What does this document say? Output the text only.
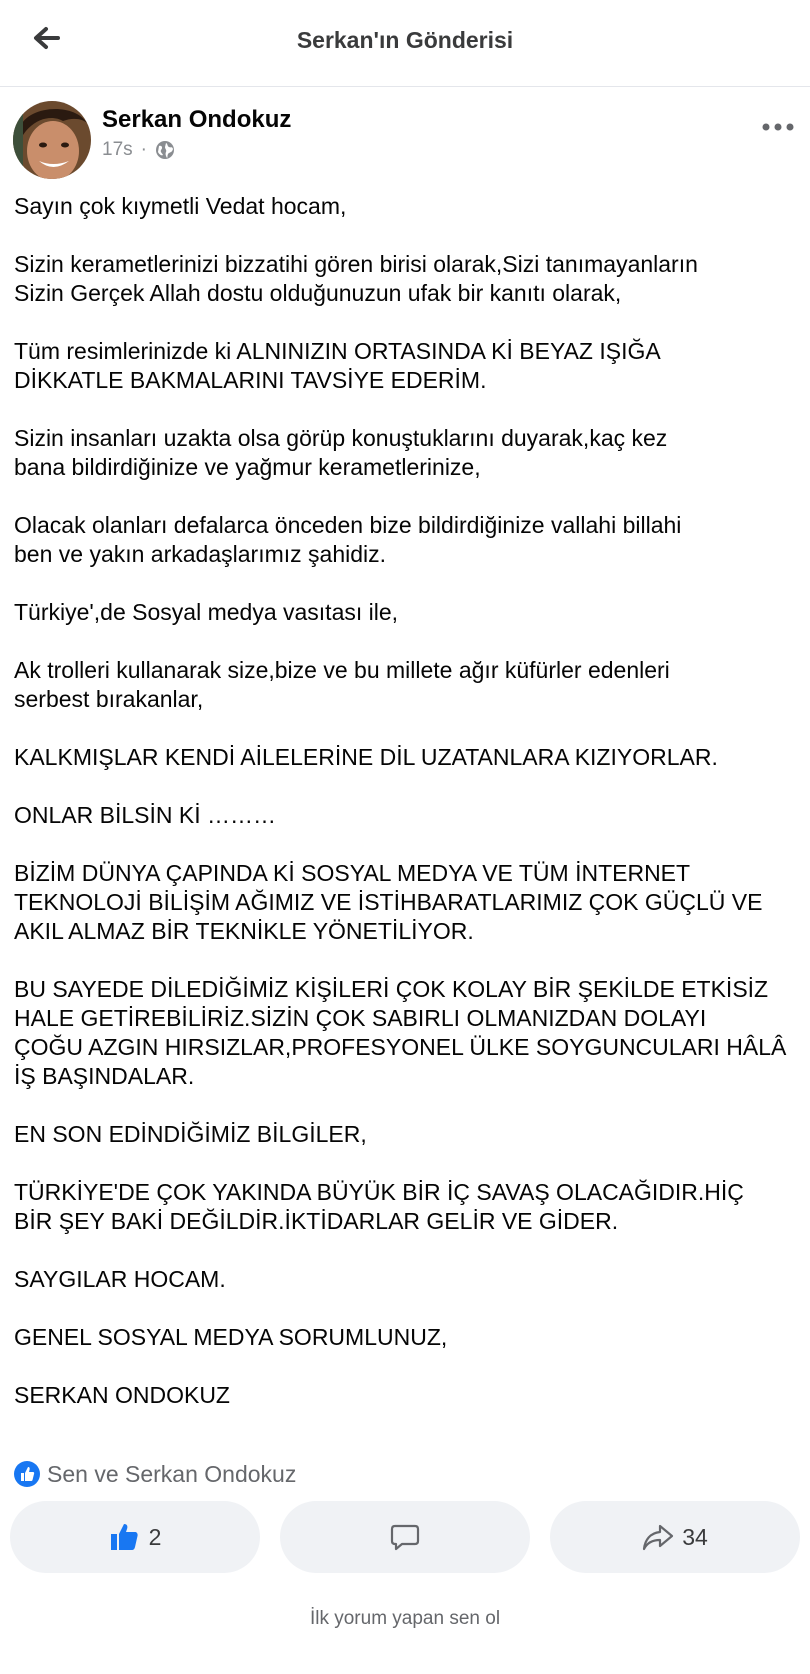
Serkan'ın Gönderisi
Serkan Ondokuz
17s ·

Sayın çok kıymetli Vedat hocam,

Sizin kerametlerinizi bizzatihi gören birisi olarak,Sizi tanımayanların
Sizin Gerçek Allah dostu olduğunuzun ufak bir kanıtı olarak,

Tüm resimlerinizde ki ALNINIZIN ORTASINDA Kİ BEYAZ IŞIĞA
DİKKATLE BAKMALARINI TAVSİYE EDERİM.

Sizin insanları uzakta olsa görüp konuştuklarını duyarak,kaç kez
bana bildirdiğinize ve yağmur kerametlerinize,

Olacak olanları defalarca önceden bize bildirdiğinize vallahi billahi
ben ve yakın arkadaşlarımız şahidiz.

Türkiye',de Sosyal medya vasıtası ile,

Ak trolleri kullanarak size,bize ve bu millete ağır küfürler edenleri
serbest bırakanlar,

KALKMIŞLAR KENDİ AİLELERİNE DİL UZATANLARA KIZIYORLAR.

ONLAR BİLSİN Kİ ………

BİZİM DÜNYA ÇAPINDA Kİ SOSYAL MEDYA VE TÜM İNTERNET
TEKNOLOJİ BİLİŞİM AĞIMIZ VE İSTİHBARATLARIMIZ ÇOK GÜÇLÜ VE
AKIL ALMAZ BİR TEKNİKLE YÖNETİLİYOR.

BU SAYEDE DİLEDİĞİMİZ KİŞİLERİ ÇOK KOLAY BİR ŞEKİLDE ETKİSİZ
HALE GETİREBİLİRİZ.SİZİN ÇOK SABIRLI OLMANIZDAN DOLAYI
ÇOĞU AZGIN HIRSIZLAR,PROFESYONEL ÜLKE SOYGUNCULARI HÂLÂ
İŞ BAŞINDALAR.

EN SON EDİNDİĞİMİZ BİLGİLER,

TÜRKİYE'DE ÇOK YAKINDA BÜYÜK BİR İÇ SAVAŞ OLACAĞIDIR.HİÇ
BİR ŞEY BAKİ DEĞİLDİR.İKTİDARLAR GELİR VE GİDER.

SAYGILAR HOCAM.

GENEL SOSYAL MEDYA SORUMLUNUZ,

SERKAN ONDOKUZ

Sen ve Serkan Ondokuz
2	34
İlk yorum yapan sen ol
